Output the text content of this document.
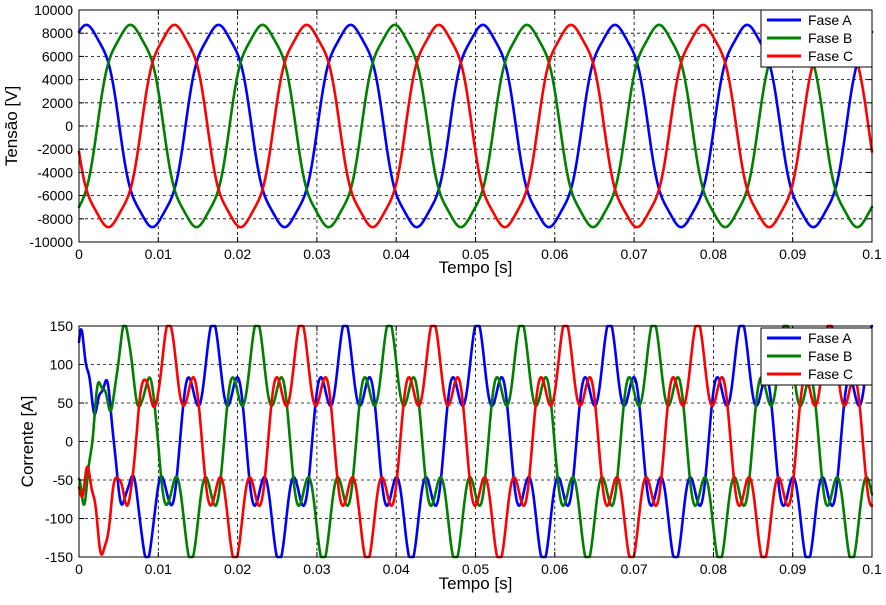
0	0.01	0.02	0.03	0.04	0.05	0.06	0.07	0.08	0.09	0.1
-10000
-8000
-6000
-4000
-2000
0
2000
4000
6000
8000
10000
Tempo [s]
Tensão [V]
Fase A
Fase B
Fase C
0	0.01	0.02	0.03	0.04	0.05	0.06	0.07	0.08	0.09	0.1
-150
-100
-50
0
50
100
150
Tempo [s]
Corrente [A]
Fase A
Fase B
Fase C
